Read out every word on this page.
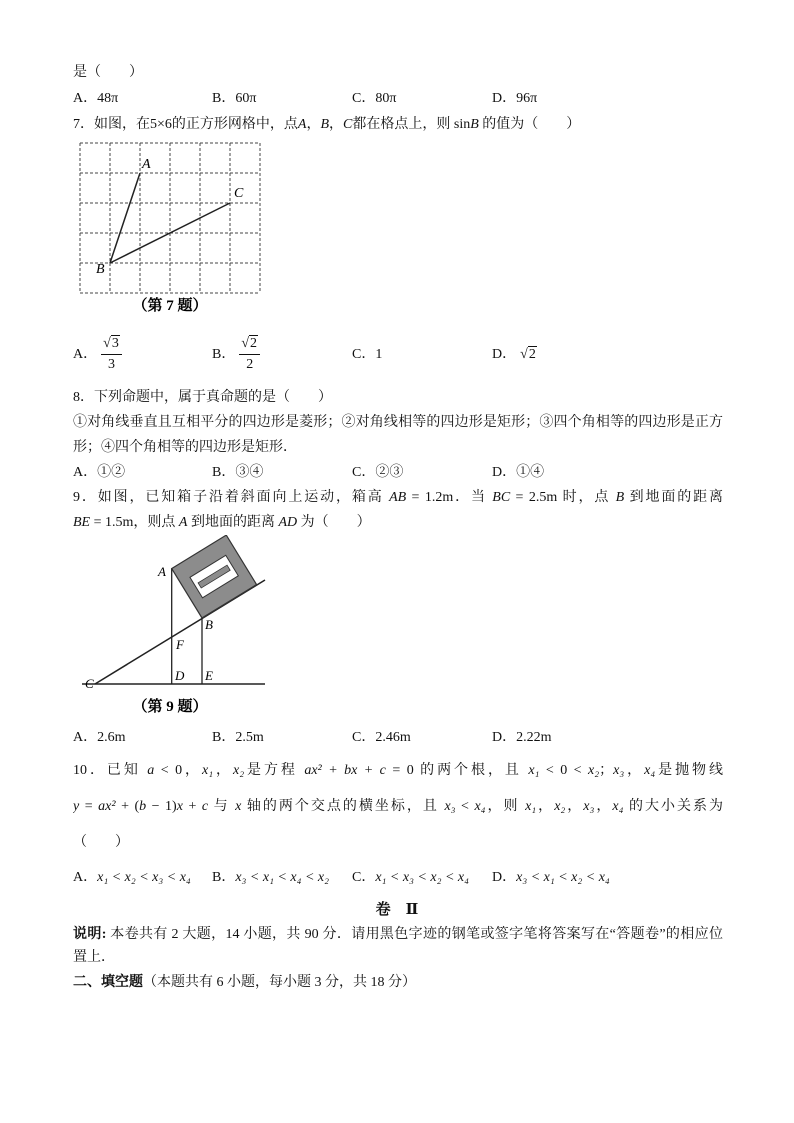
是（　　）
A．48π	B．60π	C．80π	D．96π
7．如图，在5×6的正方形网格中，点A，B，C都在格点上，则 sinB 的值为（　　）
A
B
C
（第 7 题）
A． $\frac{√3}{3}$	B． $\frac{√2}{2}$	C．1	D． √2
8．下列命题中，属于真命题的是（　　）
①对角线垂直且互相平分的四边形是菱形；②对角线相等的四边形是矩形；③四个角相等的四边形是正方
形；④四个角相等的四边形是矩形．
A．①②	B．③④	C．②③	D．①④
9．如图，已知箱子沿着斜面向上运动，箱高 AB = 1.2m．当 BC = 2.5m 时，点 B 到地面的距离
BE = 1.5m，则点 A 到地面的距离 AD 为（　　）
A
B
F
D E
C
（第 9 题）
A．2.6m	B．2.5m	C．2.46m	D．2.22m
10．已知 a < 0，x₁，x₂是方程 ax² + bx + c = 0 的两个根，且 x₁ < 0 < x₂；x₃，x₄是抛物线
y = ax² + (b − 1)x + c 与 x 轴的两个交点的横坐标，且 x₃ < x₄，则 x₁，x₂，x₃，x₄ 的大小关系为
（　　）
A．x₁ < x₂ < x₃ < x₄ B．x₃ < x₁ < x₄ < x₂ C．x₁ < x₃ < x₂ < x₄ D．x₃ < x₁ < x₂ < x₄
卷　Ⅱ
说明: 本卷共有 2 大题，14 小题，共 90 分．请用黑色字迹的钢笔或签字笔将答案写在“答题卷”的相应位
置上．
二、填空题（本题共有 6 小题，每小题 3 分，共 18 分）
